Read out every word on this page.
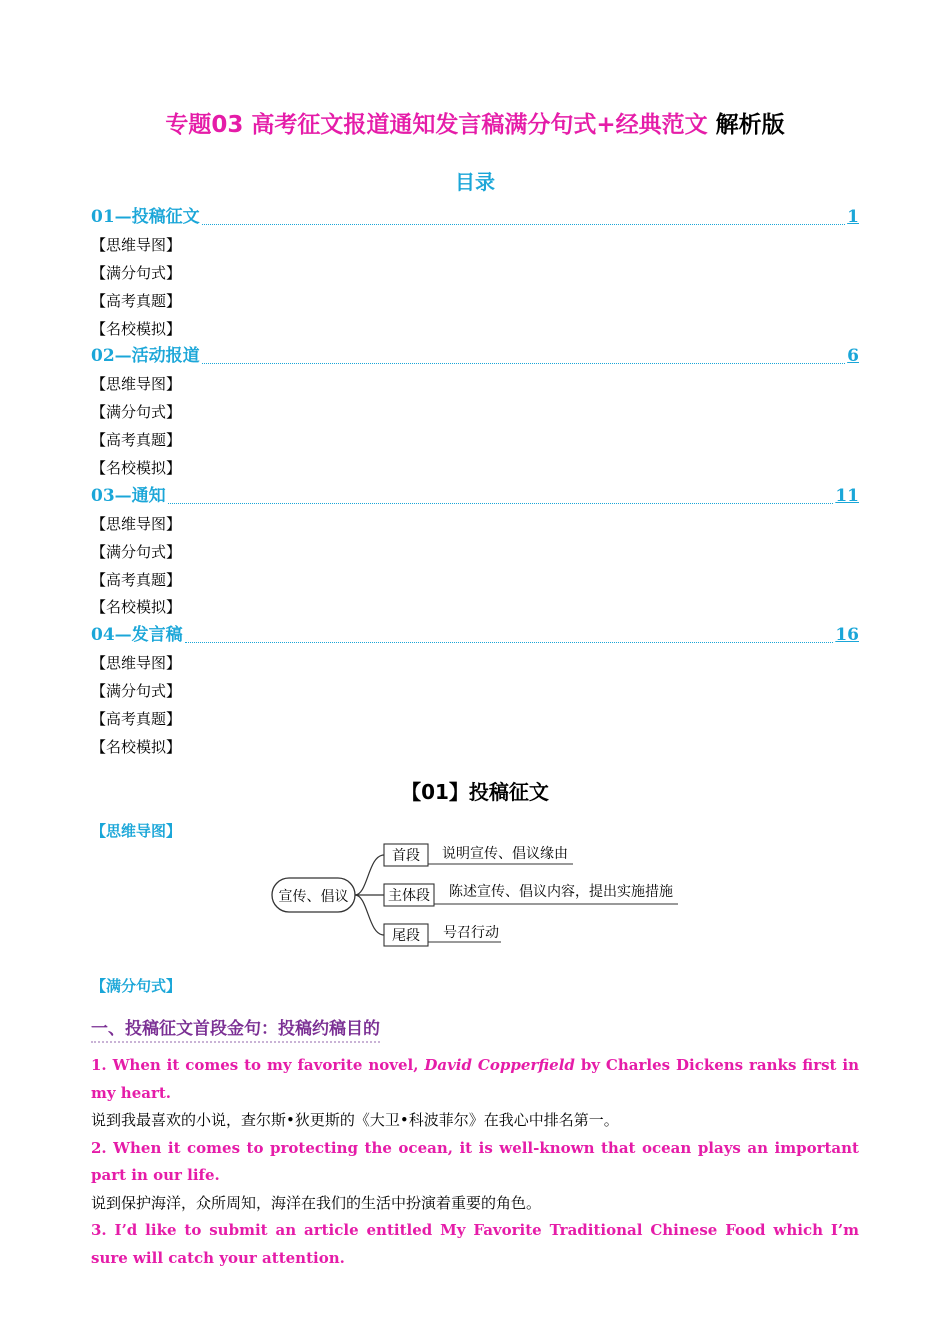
专题03 高考征文报道通知发言稿满分句式+经典范文 解析版
目录
01—投稿征文	1
【思维导图】
【满分句式】
【高考真题】
【名校模拟】
02—活动报道	6
【思维导图】
【满分句式】
【高考真题】
【名校模拟】
03—通知	11
【思维导图】
【满分句式】
【高考真题】
【名校模拟】
04—发言稿	16
【思维导图】
【满分句式】
【高考真题】
【名校模拟】
【01】投稿征文
【思维导图】
宣传、倡议
首段 说明宣传、倡议缘由
主体段 陈述宣传、倡议内容，提出实施措施
尾段 号召行动
【满分句式】
一、投稿征文首段金句：投稿约稿目的
1. When it comes to my favorite novel, David Copperfield by Charles Dickens ranks first in my heart.
说到我最喜欢的小说，查尔斯•狄更斯的《大卫•科波菲尔》在我心中排名第一。
2. When it comes to protecting the ocean, it is well-known that ocean plays an important part in our life.
说到保护海洋，众所周知，海洋在我们的生活中扮演着重要的角色。
3. I’d like to submit an article entitled My Favorite Traditional Chinese Food which I’m sure will catch your attention.
